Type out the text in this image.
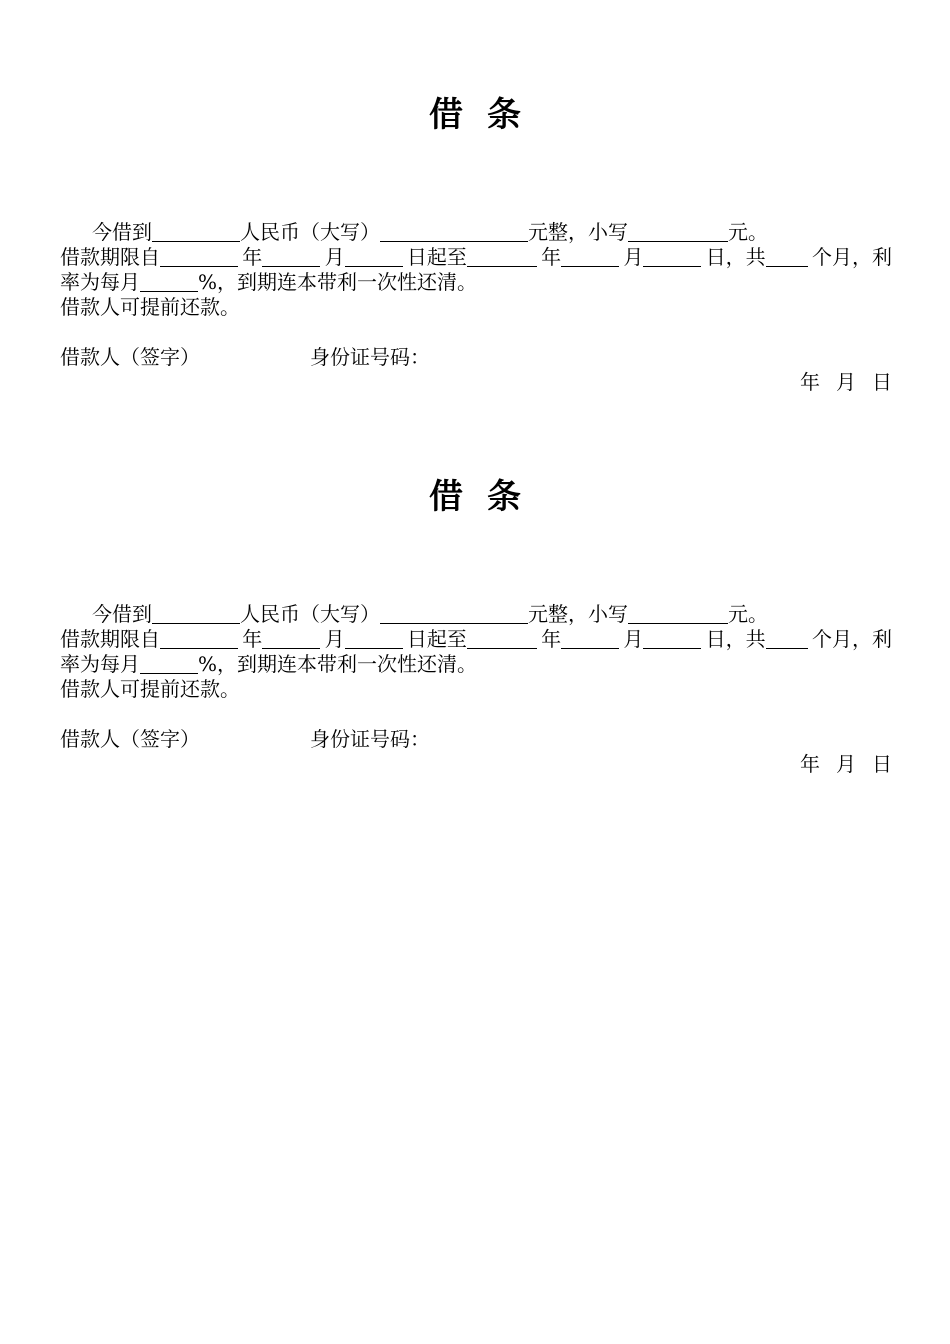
借 条
今借到	人民币（大写）	元整，小写	元。
借款期限自	年	月	日起至	年	月	日，共	个月，利
率为每月	%，到期连本带利一次性还清。
借款人可提前还款。
借款人（签字）	身份证号码：
年 月 日
借 条
今借到	人民币（大写）	元整，小写	元。
借款期限自	年	月	日起至	年	月	日，共	个月，利
率为每月	%，到期连本带利一次性还清。
借款人可提前还款。
借款人（签字）	身份证号码：
年 月 日
